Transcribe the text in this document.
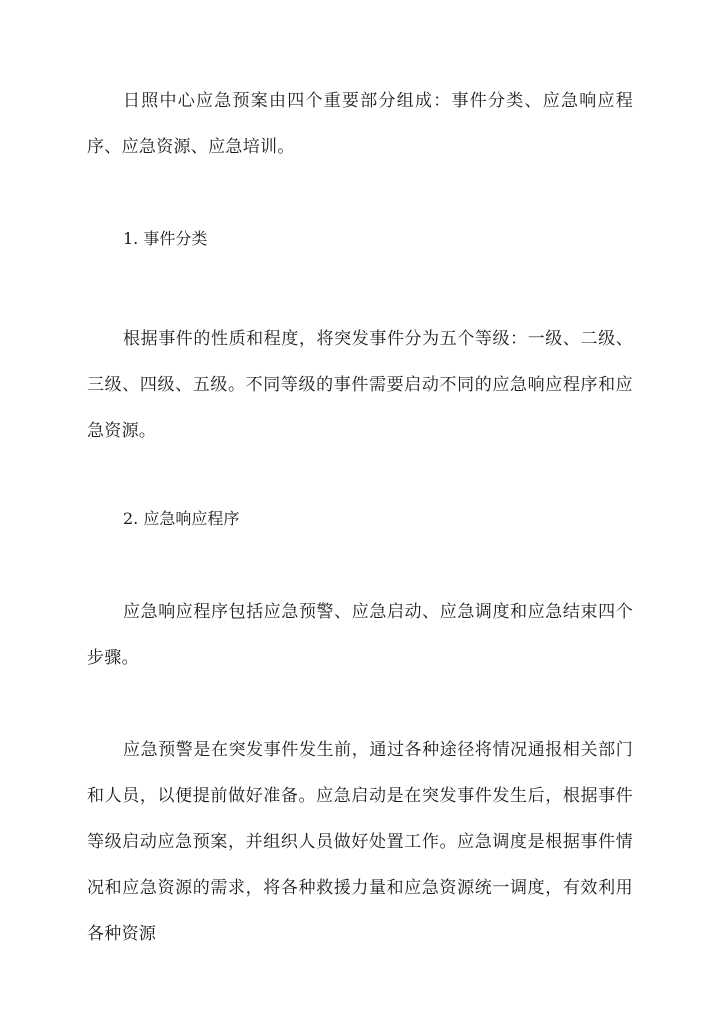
日照中心应急预案由四个重要部分组成：事件分类、应急响应程序、应急资源、应急培训。

1. 事件分类

根据事件的性质和程度，将突发事件分为五个等级：一级、二级、三级、四级、五级。不同等级的事件需要启动不同的应急响应程序和应急资源。

2. 应急响应程序

应急响应程序包括应急预警、应急启动、应急调度和应急结束四个步骤。

应急预警是在突发事件发生前，通过各种途径将情况通报相关部门和人员，以便提前做好准备。应急启动是在突发事件发生后，根据事件等级启动应急预案，并组织人员做好处置工作。应急调度是根据事件情况和应急资源的需求，将各种救援力量和应急资源统一调度，有效利用各种资源
